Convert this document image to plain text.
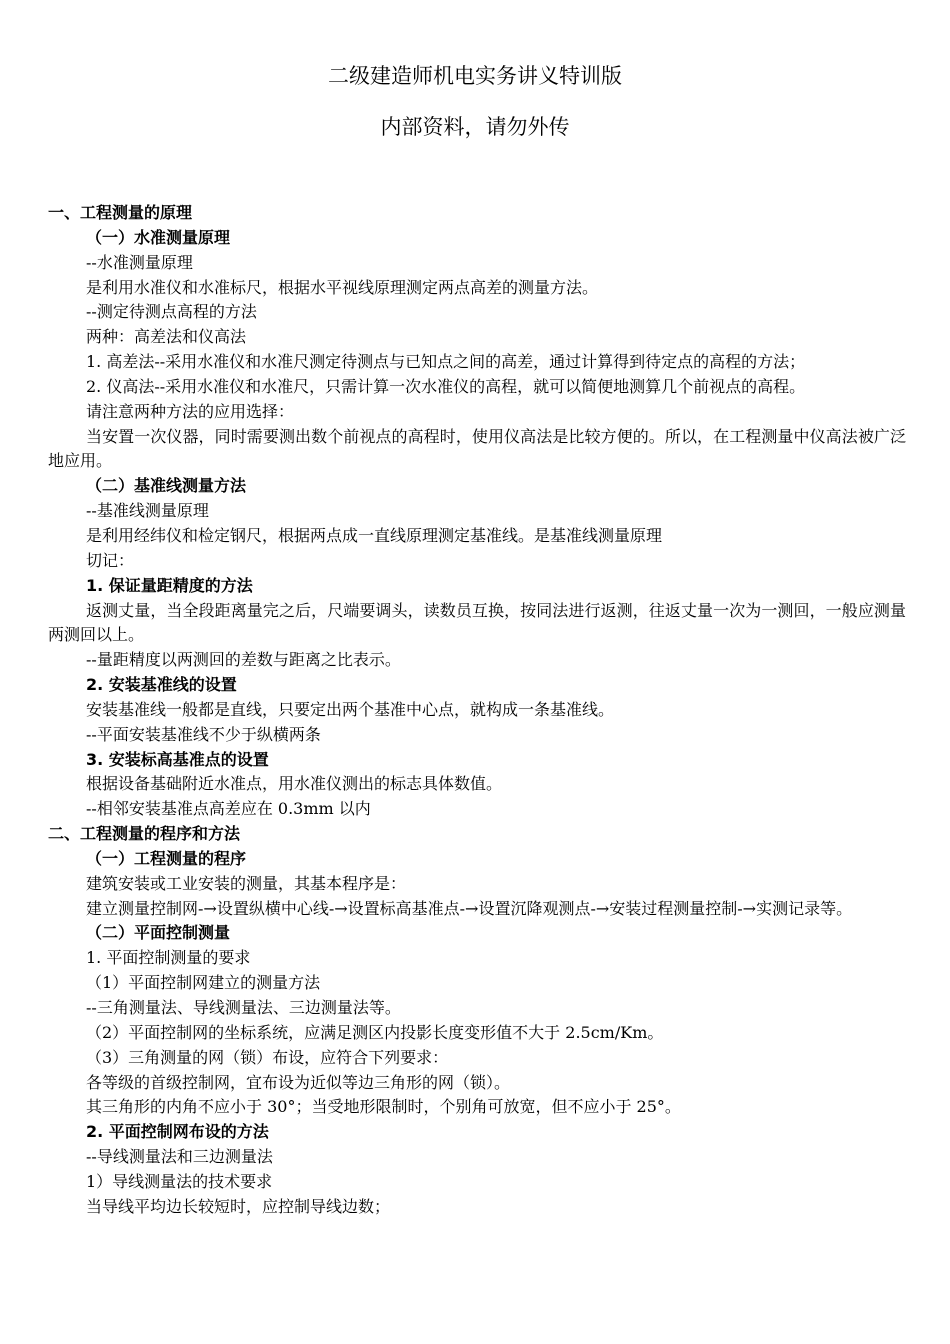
二级建造师机电实务讲义特训版
内部资料，请勿外传

一、工程测量的原理

（一）水准测量原理

--水准测量原理

是利用水准仪和水准标尺，根据水平视线原理测定两点高差的测量方法。

--测定待测点高程的方法

两种：高差法和仪高法

1. 高差法--采用水准仪和水准尺测定待测点与已知点之间的高差，通过计算得到待定点的高程的方法；

2. 仪高法--采用水准仪和水准尺，只需计算一次水准仪的高程，就可以简便地测算几个前视点的高程。

请注意两种方法的应用选择：

当安置一次仪器，同时需要测出数个前视点的高程时，使用仪高法是比较方便的。所以，在工程测量中仪高法被广泛地应用。

（二）基准线测量方法

--基准线测量原理

是利用经纬仪和检定钢尺，根据两点成一直线原理测定基准线。是基准线测量原理

切记：

1. 保证量距精度的方法

返测丈量，当全段距离量完之后，尺端要调头，读数员互换，按同法进行返测，往返丈量一次为一测回，一般应测量两测回以上。

--量距精度以两测回的差数与距离之比表示。

2. 安装基准线的设置

安装基准线一般都是直线，只要定出两个基准中心点，就构成一条基准线。

--平面安装基准线不少于纵横两条

3. 安装标高基准点的设置

根据设备基础附近水准点，用水准仪测出的标志具体数值。

--相邻安装基准点高差应在 0.3mm 以内

二、工程测量的程序和方法

（一）工程测量的程序

建筑安装或工业安装的测量，其基本程序是：

建立测量控制网-→设置纵横中心线-→设置标高基准点-→设置沉降观测点-→安装过程测量控制-→实测记录等。

（二）平面控制测量

1. 平面控制测量的要求

（1）平面控制网建立的测量方法

--三角测量法、导线测量法、三边测量法等。

（2）平面控制网的坐标系统，应满足测区内投影长度变形值不大于 2.5cm/Km。

（3）三角测量的网（锁）布设，应符合下列要求：

各等级的首级控制网，宜布设为近似等边三角形的网（锁）。

其三角形的内角不应小于 30°；当受地形限制时，个别角可放宽，但不应小于 25°。

2. 平面控制网布设的方法

--导线测量法和三边测量法

1）导线测量法的技术要求

当导线平均边长较短时，应控制导线边数；
